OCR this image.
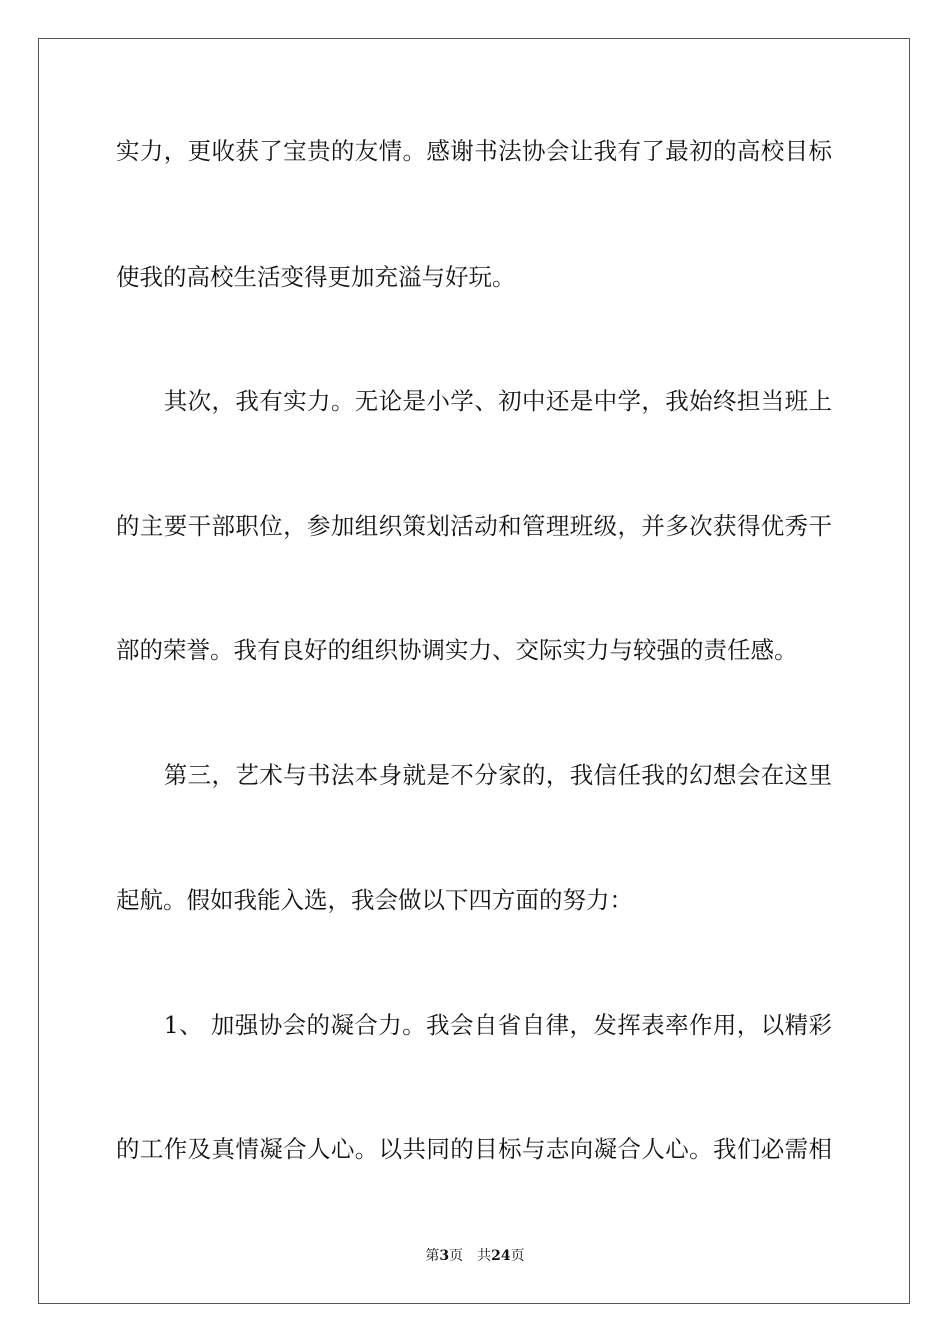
实力，更收获了宝贵的友情。感谢书法协会让我有了最初的高校目标
使我的高校生活变得更加充溢与好玩。
　　其次，我有实力。无论是小学、初中还是中学，我始终担当班上
的主要干部职位，参加组织策划活动和管理班级，并多次获得优秀干
部的荣誉。我有良好的组织协调实力、交际实力与较强的责任感。
　　第三，艺术与书法本身就是不分家的，我信任我的幻想会在这里
起航。假如我能入选，我会做以下四方面的努力：
　　1、 加强协会的凝合力。我会自省自律，发挥表率作用，以精彩
的工作及真情凝合人心。以共同的目标与志向凝合人心。我们必需相
第3页 共24页
